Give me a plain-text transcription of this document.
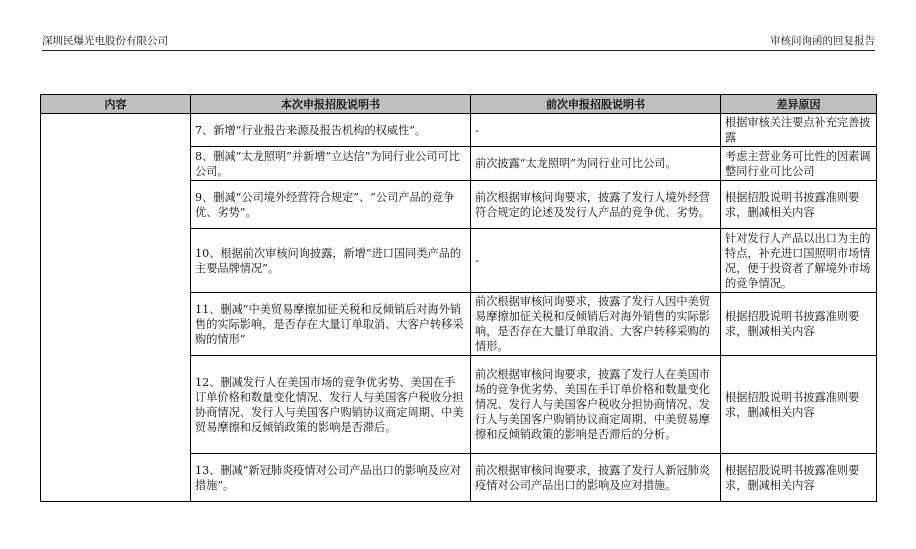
深圳民爆光电股份有限公司	审核问询函的回复报告
内容	本次申报招股说明书	前次申报招股说明书	差异原因
	7、新增“行业报告来源及报告机构的权威性”。	-	根据审核关注要点补充完善披露
	8、删减“太龙照明”并新增“立达信”为同行业公司可比公司。	前次披露“太龙照明”为同行业可比公司。	考虑主营业务可比性的因素调整同行业可比公司
	9、删减“公司境外经营符合规定”、“公司产品的竞争优、劣势”。	前次根据审核问询要求，披露了发行人境外经营符合规定的论述及发行人产品的竞争优、劣势。	根据招股说明书披露准则要求，删减相关内容
	10、根据前次审核问询披露，新增“进口国同类产品的主要品牌情况”。	-	针对发行人产品以出口为主的特点，补充进口国照明市场情况，便于投资者了解境外市场的竞争情况。
	11、删减“中美贸易摩擦加征关税和反倾销后对海外销售的实际影响，是否存在大量订单取消、大客户转移采购的情形”	前次根据审核问询要求，披露了发行人因中美贸易摩擦加征关税和反倾销后对海外销售的实际影响，是否存在大量订单取消、大客户转移采购的情形。	根据招股说明书披露准则要求，删减相关内容
	12、删减发行人在美国市场的竞争优劣势、美国在手订单价格和数量变化情况、发行人与美国客户税收分担协商情况、发行人与美国客户购销协议商定周期、中美贸易摩擦和反倾销政策的影响是否滞后。	前次根据审核问询要求，披露了发行人在美国市场的竞争优劣势、美国在手订单价格和数量变化情况、发行人与美国客户税收分担协商情况、发行人与美国客户购销协议商定周期、中美贸易摩擦和反倾销政策的影响是否滞后的分析。	根据招股说明书披露准则要求，删减相关内容
	13、删减“新冠肺炎疫情对公司产品出口的影响及应对措施”。	前次根据审核问询要求，披露了发行人新冠肺炎疫情对公司产品出口的影响及应对措施。	根据招股说明书披露准则要求，删减相关内容
